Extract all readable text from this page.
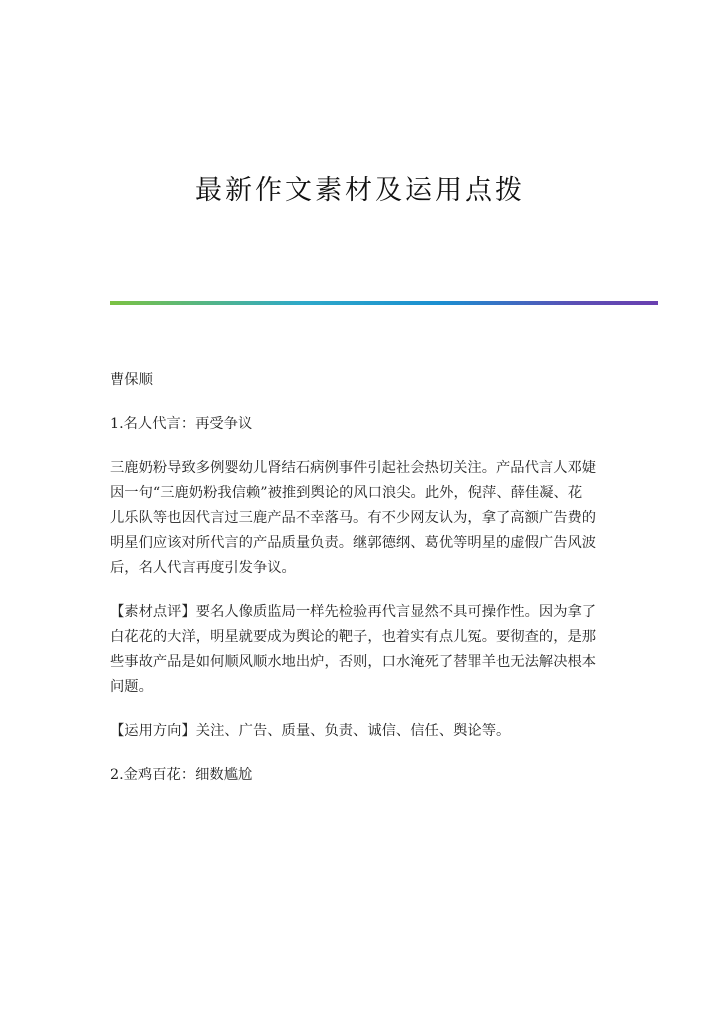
最新作文素材及运用点拨

曹保顺

1.名人代言：再受争议

三鹿奶粉导致多例婴幼儿肾结石病例事件引起社会热切关注。产品代言人邓婕
因一句“三鹿奶粉我信赖”被推到舆论的风口浪尖。此外，倪萍、薛佳凝、花
儿乐队等也因代言过三鹿产品不幸落马。有不少网友认为，拿了高额广告费的
明星们应该对所代言的产品质量负责。继郭德纲、葛优等明星的虚假广告风波
后，名人代言再度引发争议。

【素材点评】要名人像质监局一样先检验再代言显然不具可操作性。因为拿了
白花花的大洋，明星就要成为舆论的靶子，也着实有点儿冤。要彻查的，是那
些事故产品是如何顺风顺水地出炉，否则，口水淹死了替罪羊也无法解决根本
问题。

【运用方向】关注、广告、质量、负责、诚信、信任、舆论等。

2.金鸡百花：细数尴尬
